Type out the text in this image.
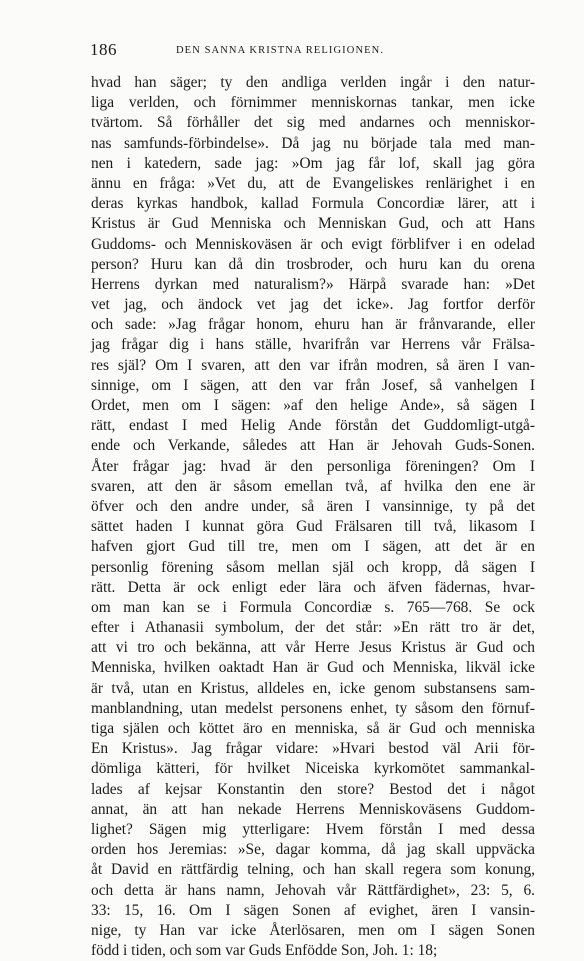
186	DEN SANNA KRISTNA RELIGIONEN.
hvad han säger; ty den andliga verlden ingår i den natur-
liga verlden, och förnimmer menniskornas tankar, men icke
tvärtom. Så förhåller det sig med andarnes och menniskor-
nas samfunds-förbindelse». Då jag nu började tala med man-
nen i katedern, sade jag: »Om jag får lof, skall jag göra
ännu en fråga: »Vet du, att de Evangeliskes renlärighet i en
deras kyrkas handbok, kallad Formula Concordiæ lärer, att i
Kristus är Gud Menniska och Menniskan Gud, och att Hans
Guddoms- och Menniskoväsen är och evigt förblifver i en odelad
person? Huru kan då din trosbroder, och huru kan du orena
Herrens dyrkan med naturalism?» Härpå svarade han: »Det
vet jag, och ändock vet jag det icke». Jag fortfor derför
och sade: »Jag frågar honom, ehuru han är frånvarande, eller
jag frågar dig i hans ställe, hvarifrån var Herrens vår Frälsa-
res själ? Om I svaren, att den var ifrån modren, så ären I van-
sinnige, om I sägen, att den var från Josef, så vanhelgen I
Ordet, men om I sägen: »af den helige Ande», så sägen I
rätt, endast I med Helig Ande förstån det Guddomligt-utgå-
ende och Verkande, således att Han är Jehovah Guds-Sonen.
Åter frågar jag: hvad är den personliga föreningen? Om I
svaren, att den är såsom emellan två, af hvilka den ene är
öfver och den andre under, så ären I vansinnige, ty på det
sättet haden I kunnat göra Gud Frälsaren till två, likasom I
hafven gjort Gud till tre, men om I sägen, att det är en
personlig förening såsom mellan själ och kropp, då sägen I
rätt. Detta är ock enligt eder lära och äfven fädernas, hvar-
om man kan se i Formula Concordiæ s. 765—768. Se ock
efter i Athanasii symbolum, der det står: »En rätt tro är det,
att vi tro och bekänna, att vår Herre Jesus Kristus är Gud och
Menniska, hvilken oaktadt Han är Gud och Menniska, likväl icke
är två, utan en Kristus, alldeles en, icke genom substansens sam-
manblandning, utan medelst personens enhet, ty såsom den förnuf-
tiga själen och köttet äro en menniska, så är Gud och menniska
En Kristus». Jag frågar vidare: »Hvari bestod väl Arii för-
dömliga kätteri, för hvilket Niceiska kyrkomötet sammankal-
lades af kejsar Konstantin den store? Bestod det i något
annat, än att han nekade Herrens Menniskoväsens Guddom-
lighet? Sägen mig ytterligare: Hvem förstån I med dessa
orden hos Jeremias: »Se, dagar komma, då jag skall uppväcka
åt David en rättfärdig telning, och han skall regera som konung,
och detta är hans namn, Jehovah vår Rättfärdighet», 23: 5, 6.
33: 15, 16. Om I sägen Sonen af evighet, ären I vansin-
nige, ty Han var icke Återlösaren, men om I sägen Sonen
född i tiden, och som var Guds Enfödde Son, Joh. 1: 18;
